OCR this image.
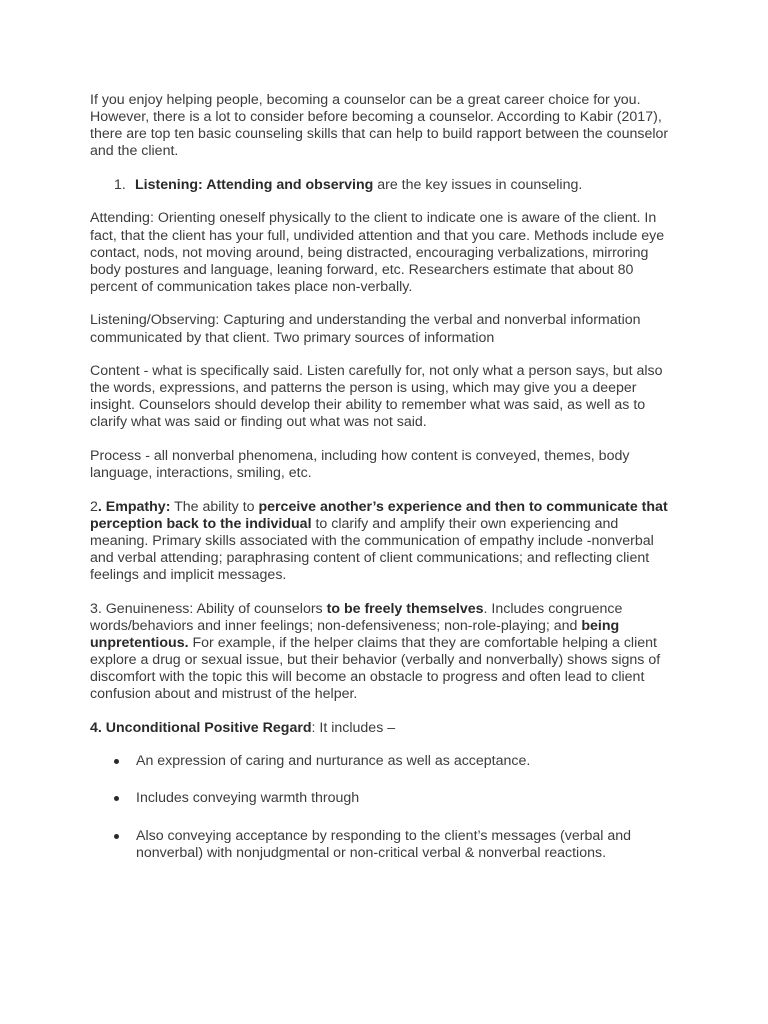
If you enjoy helping people, becoming a counselor can be a great career choice for you. However, there is a lot to consider before becoming a counselor. According to Kabir (2017), there are top ten basic counseling skills that can help to build rapport between the counselor and the client.

1. Listening: Attending and observing are the key issues in counseling.

Attending: Orienting oneself physically to the client to indicate one is aware of the client. In fact, that the client has your full, undivided attention and that you care. Methods include eye contact, nods, not moving around, being distracted, encouraging verbalizations, mirroring body postures and language, leaning forward, etc. Researchers estimate that about 80 percent of communication takes place non-verbally.

Listening/Observing: Capturing and understanding the verbal and nonverbal information communicated by that client. Two primary sources of information

Content - what is specifically said. Listen carefully for, not only what a person says, but also the words, expressions, and patterns the person is using, which may give you a deeper insight. Counselors should develop their ability to remember what was said, as well as to clarify what was said or finding out what was not said.

Process - all nonverbal phenomena, including how content is conveyed, themes, body language, interactions, smiling, etc.

2. Empathy: The ability to perceive another’s experience and then to communicate that perception back to the individual to clarify and amplify their own experiencing and meaning. Primary skills associated with the communication of empathy include -nonverbal and verbal attending; paraphrasing content of client communications; and reflecting client feelings and implicit messages.

3. Genuineness: Ability of counselors to be freely themselves. Includes congruence words/behaviors and inner feelings; non-defensiveness; non-role-playing; and being unpretentious. For example, if the helper claims that they are comfortable helping a client explore a drug or sexual issue, but their behavior (verbally and nonverbally) shows signs of discomfort with the topic this will become an obstacle to progress and often lead to client confusion about and mistrust of the helper.

4. Unconditional Positive Regard: It includes –

An expression of caring and nurturance as well as acceptance.
Includes conveying warmth through
Also conveying acceptance by responding to the client’s messages (verbal and nonverbal) with nonjudgmental or non-critical verbal & nonverbal reactions.
